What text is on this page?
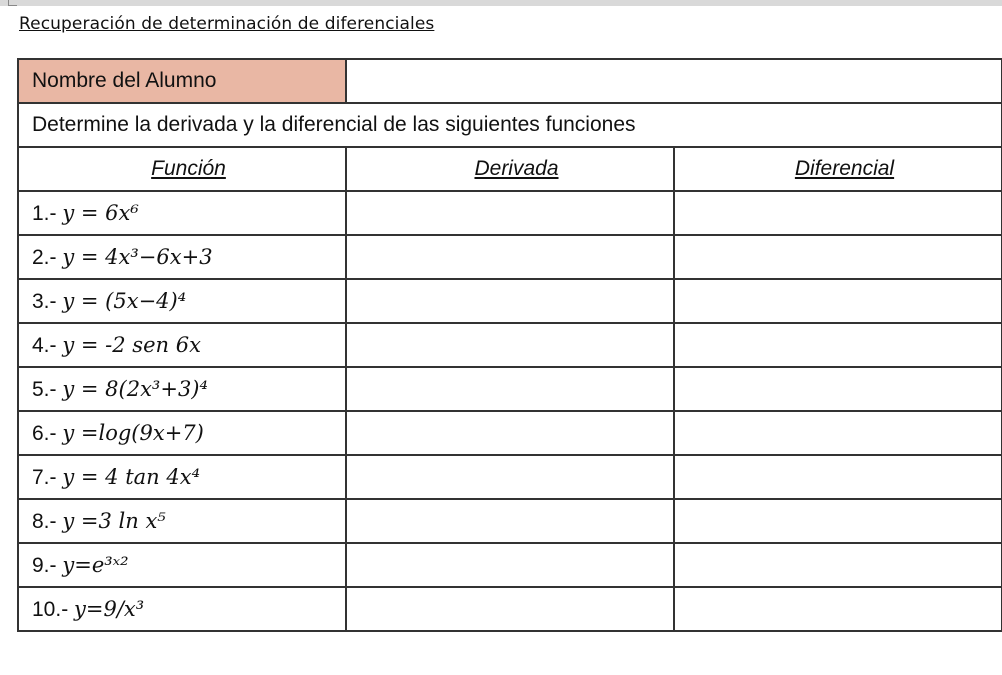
Recuperación de determinación de diferenciales
Nombre del Alumno		
Determine la derivada y la diferencial de las siguientes funciones		
Función	Derivada	Diferencial
1.- y = 6x⁶		
2.- y = 4x³−6x+3		
3.- y = (5x−4)⁴		
4.- y = -2 sen 6x		
5.- y = 8(2x³+3)⁴		
6.- y =log(9x+7)		
7.- y = 4 tan 4x⁴		
8.- y =3 ln x⁵		
9.- y=e³ˣ²		
10.- y=9/x³		
